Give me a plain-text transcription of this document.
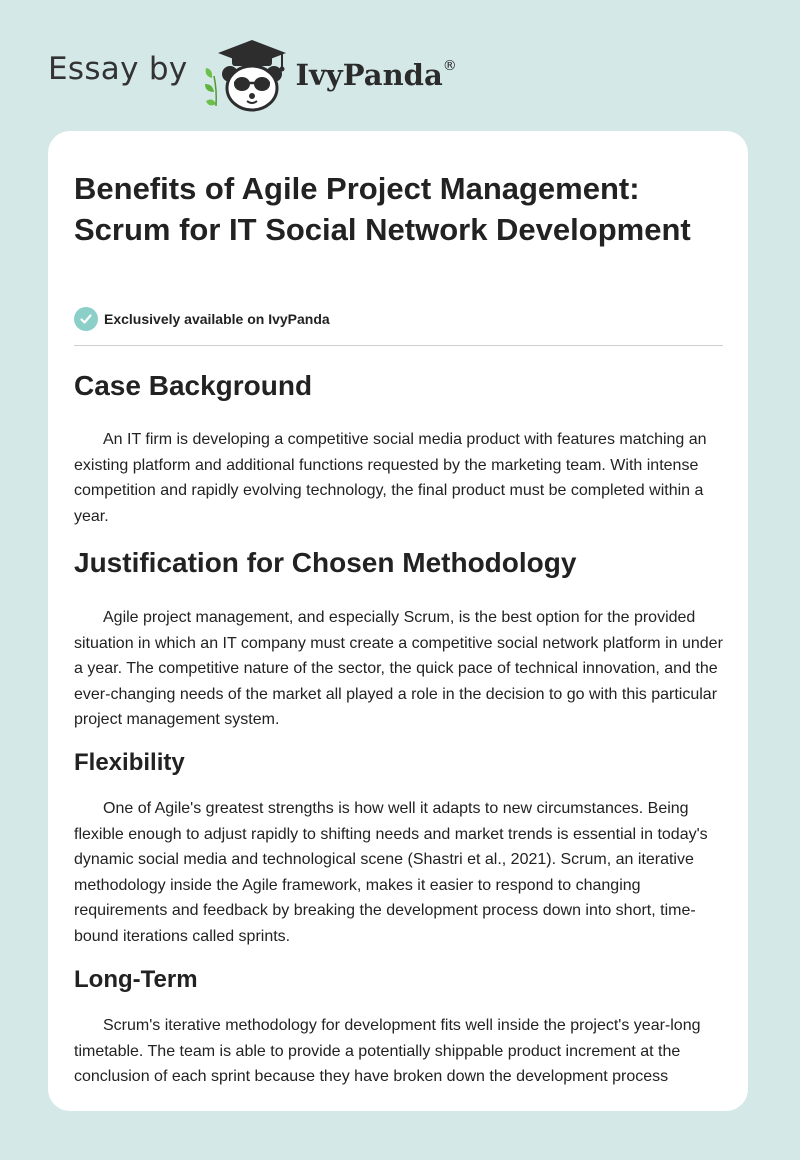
Essay by	IvyPanda®
Benefits of Agile Project Management: Scrum for IT Social Network Development
Exclusively available on IvyPanda
Case Background

An IT firm is developing a competitive social media product with features matching an existing platform and additional functions requested by the marketing team. With intense competition and rapidly evolving technology, the final product must be completed within a year.

Justification for Chosen Methodology

Agile project management, and especially Scrum, is the best option for the provided situation in which an IT company must create a competitive social network platform in under a year. The competitive nature of the sector, the quick pace of technical innovation, and the ever-changing needs of the market all played a role in the decision to go with this particular project management system.

Flexibility

One of Agile's greatest strengths is how well it adapts to new circumstances. Being flexible enough to adjust rapidly to shifting needs and market trends is essential in today's dynamic social media and technological scene (Shastri et al., 2021). Scrum, an iterative methodology inside the Agile framework, makes it easier to respond to changing requirements and feedback by breaking the development process down into short, time-bound iterations called sprints.

Long-Term

Scrum's iterative methodology for development fits well inside the project's year-long timetable. The team is able to provide a potentially shippable product increment at the conclusion of each sprint because they have broken down the development process
